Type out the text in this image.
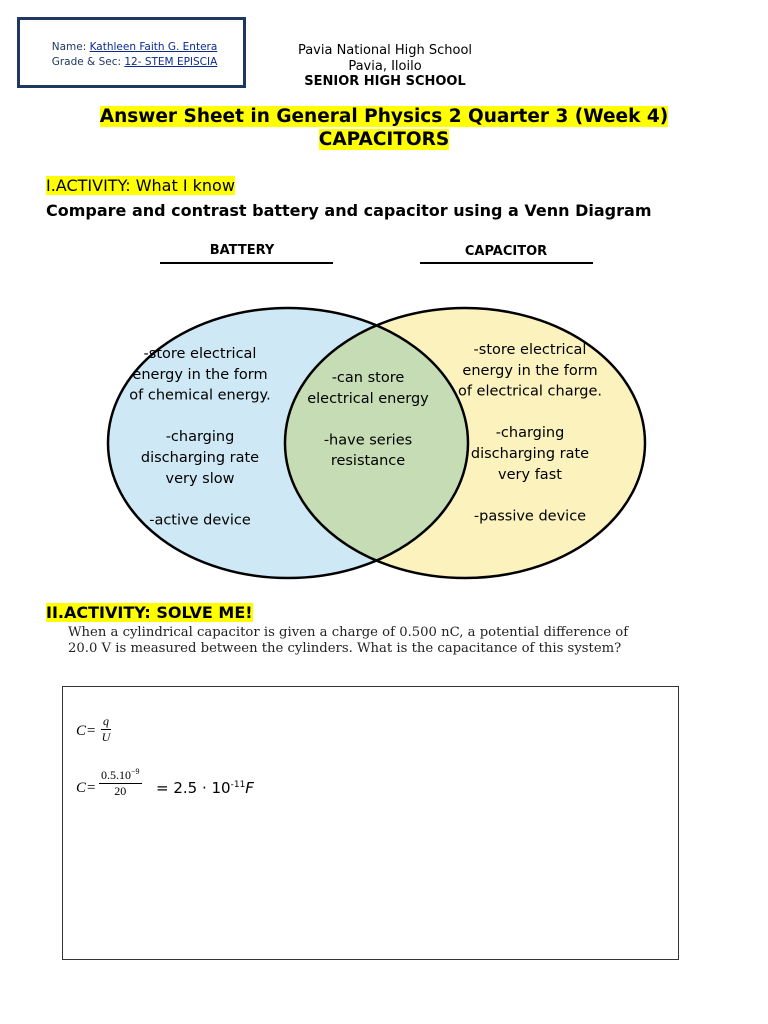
Name: Kathleen Faith G. Entera
Grade & Sec: 12- STEM EPISCIA
Pavia National High School
Pavia, Iloilo
SENIOR HIGH SCHOOL
Answer Sheet in General Physics 2 Quarter 3 (Week 4)
CAPACITORS
I.ACTIVITY: What I know
Compare and contrast battery and capacitor using a Venn Diagram
BATTERY	CAPACITOR
-store electrical energy in the form of chemical energy. -charging discharging rate very slow -active device
-can store electrical energy -have series resistance
-store electrical energy in the form of electrical charge. -charging discharging rate very fast -passive device
II.ACTIVITY: SOLVE ME!
When a cylindrical capacitor is given a charge of 0.500 nC, a potential difference of
20.0 V is measured between the cylinders. What is the capacitance of this system?
$C= \frac{q}{U}$
$C= \frac{0.5.10^{-9}}{20} = 2.5 \cdot 10^{-11}F$
